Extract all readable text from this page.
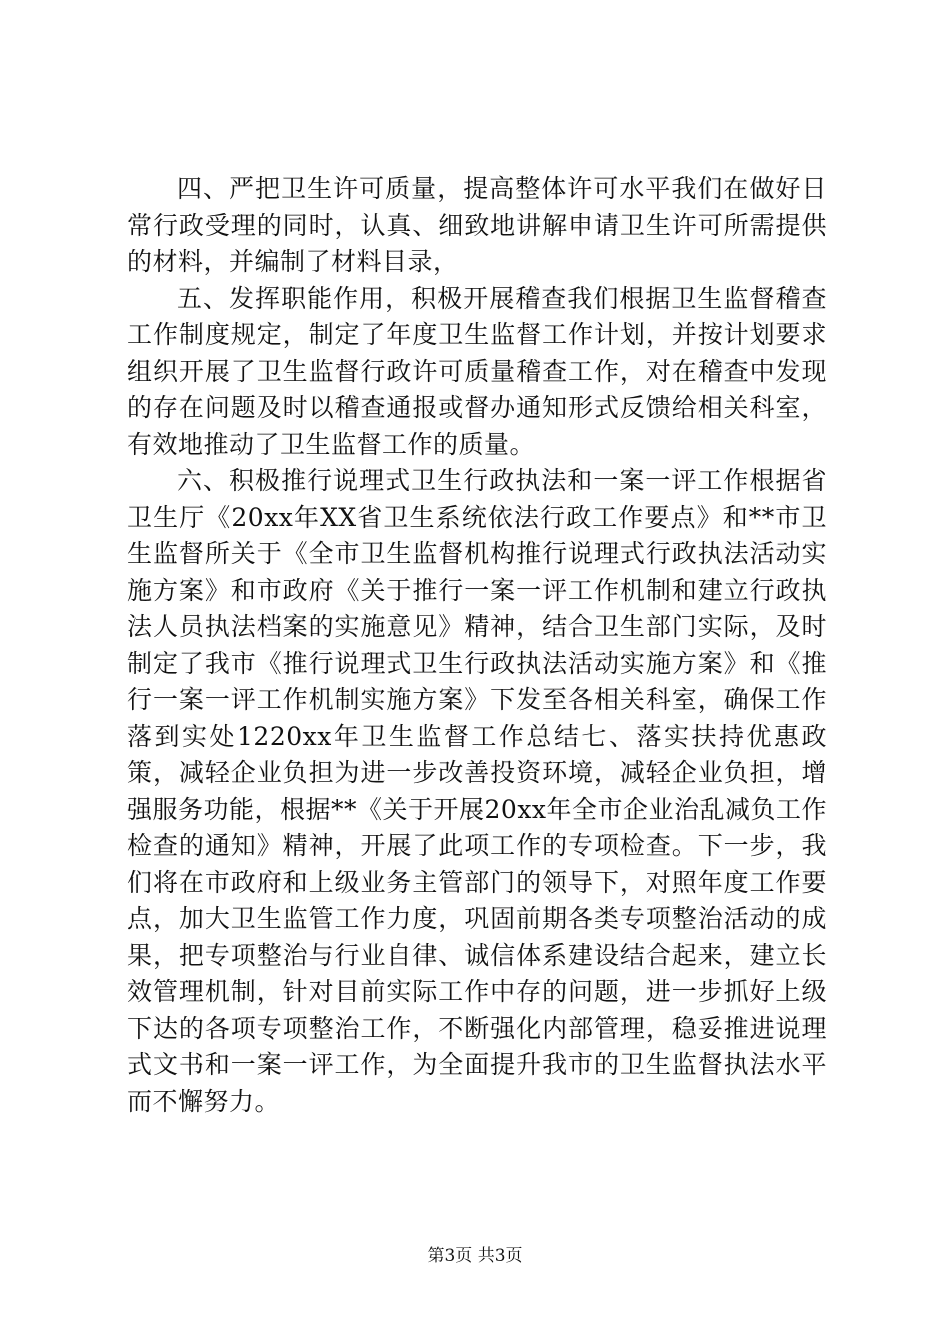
四、严把卫生许可质量，提高整体许可水平我们在做好日常行政受理的同时，认真、细致地讲解申请卫生许可所需提供的材料，并编制了材料目录，

五、发挥职能作用，积极开展稽查我们根据卫生监督稽查工作制度规定，制定了年度卫生监督工作计划，并按计划要求组织开展了卫生监督行政许可质量稽查工作，对在稽查中发现的存在问题及时以稽查通报或督办通知形式反馈给相关科室，有效地推动了卫生监督工作的质量。

六、积极推行说理式卫生行政执法和一案一评工作根据省卫生厅《20xx年XX省卫生系统依法行政工作要点》和**市卫生监督所关于《全市卫生监督机构推行说理式行政执法活动实施方案》和市政府《关于推行一案一评工作机制和建立行政执法人员执法档案的实施意见》精神，结合卫生部门实际，及时制定了我市《推行说理式卫生行政执法活动实施方案》和《推行一案一评工作机制实施方案》下发至各相关科室，确保工作落到实处1220xx年卫生监督工作总结七、落实扶持优惠政策，减轻企业负担为进一步改善投资环境，减轻企业负担，增强服务功能，根据**《关于开展20xx年全市企业治乱减负工作检查的通知》精神，开展了此项工作的专项检查。下一步，我们将在市政府和上级业务主管部门的领导下，对照年度工作要点，加大卫生监管工作力度，巩固前期各类专项整治活动的成果，把专项整治与行业自律、诚信体系建设结合起来，建立长效管理机制，针对目前实际工作中存的问题，进一步抓好上级下达的各项专项整治工作，不断强化内部管理，稳妥推进说理式文书和一案一评工作，为全面提升我市的卫生监督执法水平而不懈努力。

第3页 共3页
